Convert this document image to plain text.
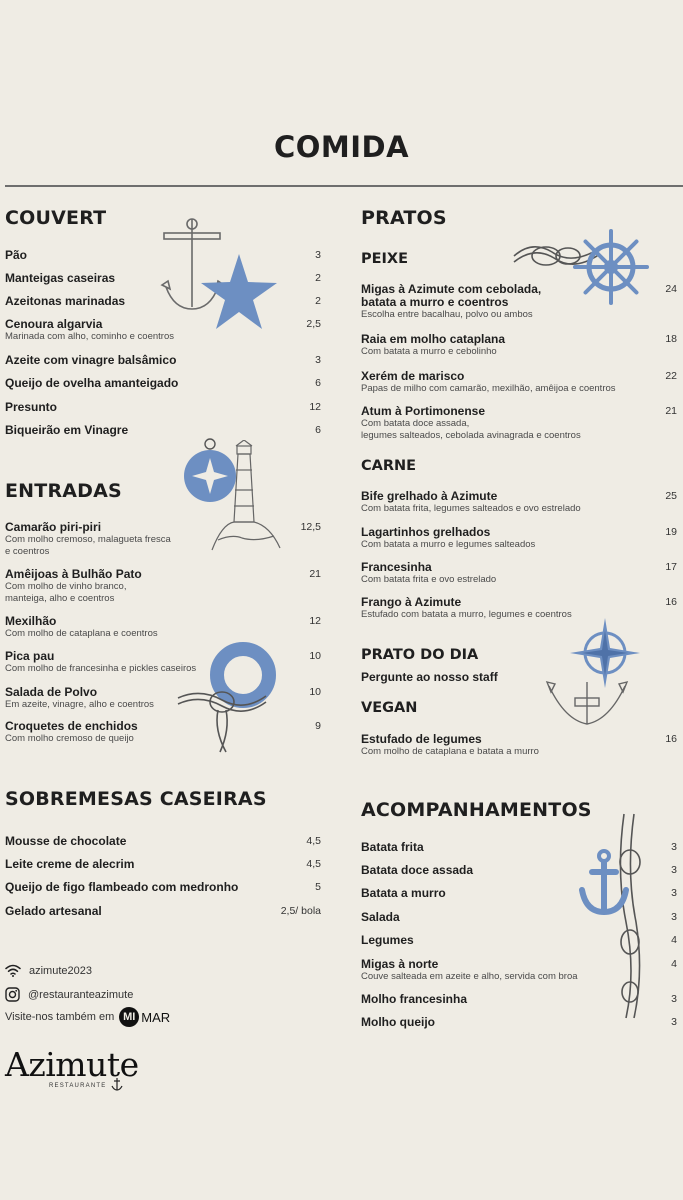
COMIDA
COUVERT
Pão	3
Manteigas caseiras	2
Azeitonas marinadas	2
Cenoura algarvia
Marinada com alho, cominho e coentros
2,5
Azeite com vinagre balsâmico	3
Queijo de ovelha amanteigado	6
Presunto	12
Biqueirão em Vinagre	6
ENTRADAS
Camarão piri-piri
Com molho cremoso, malagueta fresca
e coentros
12,5
Amêijoas à Bulhão Pato
Com molho de vinho branco,
manteiga, alho e coentros
21
Mexilhão
Com molho de cataplana e coentros
12
Pica pau
Com molho de francesinha e pickles caseiros
10
Salada de Polvo
Em azeite, vinagre, alho e coentros
10
Croquetes de enchidos
Com molho cremoso de queijo
9
SOBREMESAS CASEIRAS
Mousse de chocolate	4,5
Leite creme de alecrim	4,5
Queijo de figo flambeado com medronho	5
Gelado artesanal	2,5/ bola
PRATOS
PEIXE
Migas à Azimute com cebolada,
batata a murro e coentros
Escolha entre bacalhau, polvo ou ambos
24
Raia em molho cataplana
Com batata a murro e cebolinho
18
Xerém de marisco
Papas de milho com camarão, mexilhão, amêijoa e coentros
22
Atum à Portimonense
Com batata doce assada,
legumes salteados, cebolada avinagrada e coentros
21
CARNE
Bife grelhado à Azimute
Com batata frita, legumes salteados e ovo estrelado
25
Lagartinhos grelhados
Com batata a murro e legumes salteados
19
Francesinha
Com batata frita e ovo estrelado
17
Frango à Azimute
Estufado com batata a murro, legumes e coentros
16
PRATO DO DIA
Pergunte ao nosso staff
VEGAN
Estufado de legumes
Com molho de cataplana e batata a murro
16
ACOMPANHAMENTOS
Batata frita	3
Batata doce assada	3
Batata a murro	3
Salada	3
Legumes	4
Migas à norte
Couve salteada em azeite e alho, servida com broa
4
Molho francesinha	3
Molho queijo	3
azimute2023
@restauranteazimute
Visite-nos também em MI MAR
Azimute
RESTAURANTE
